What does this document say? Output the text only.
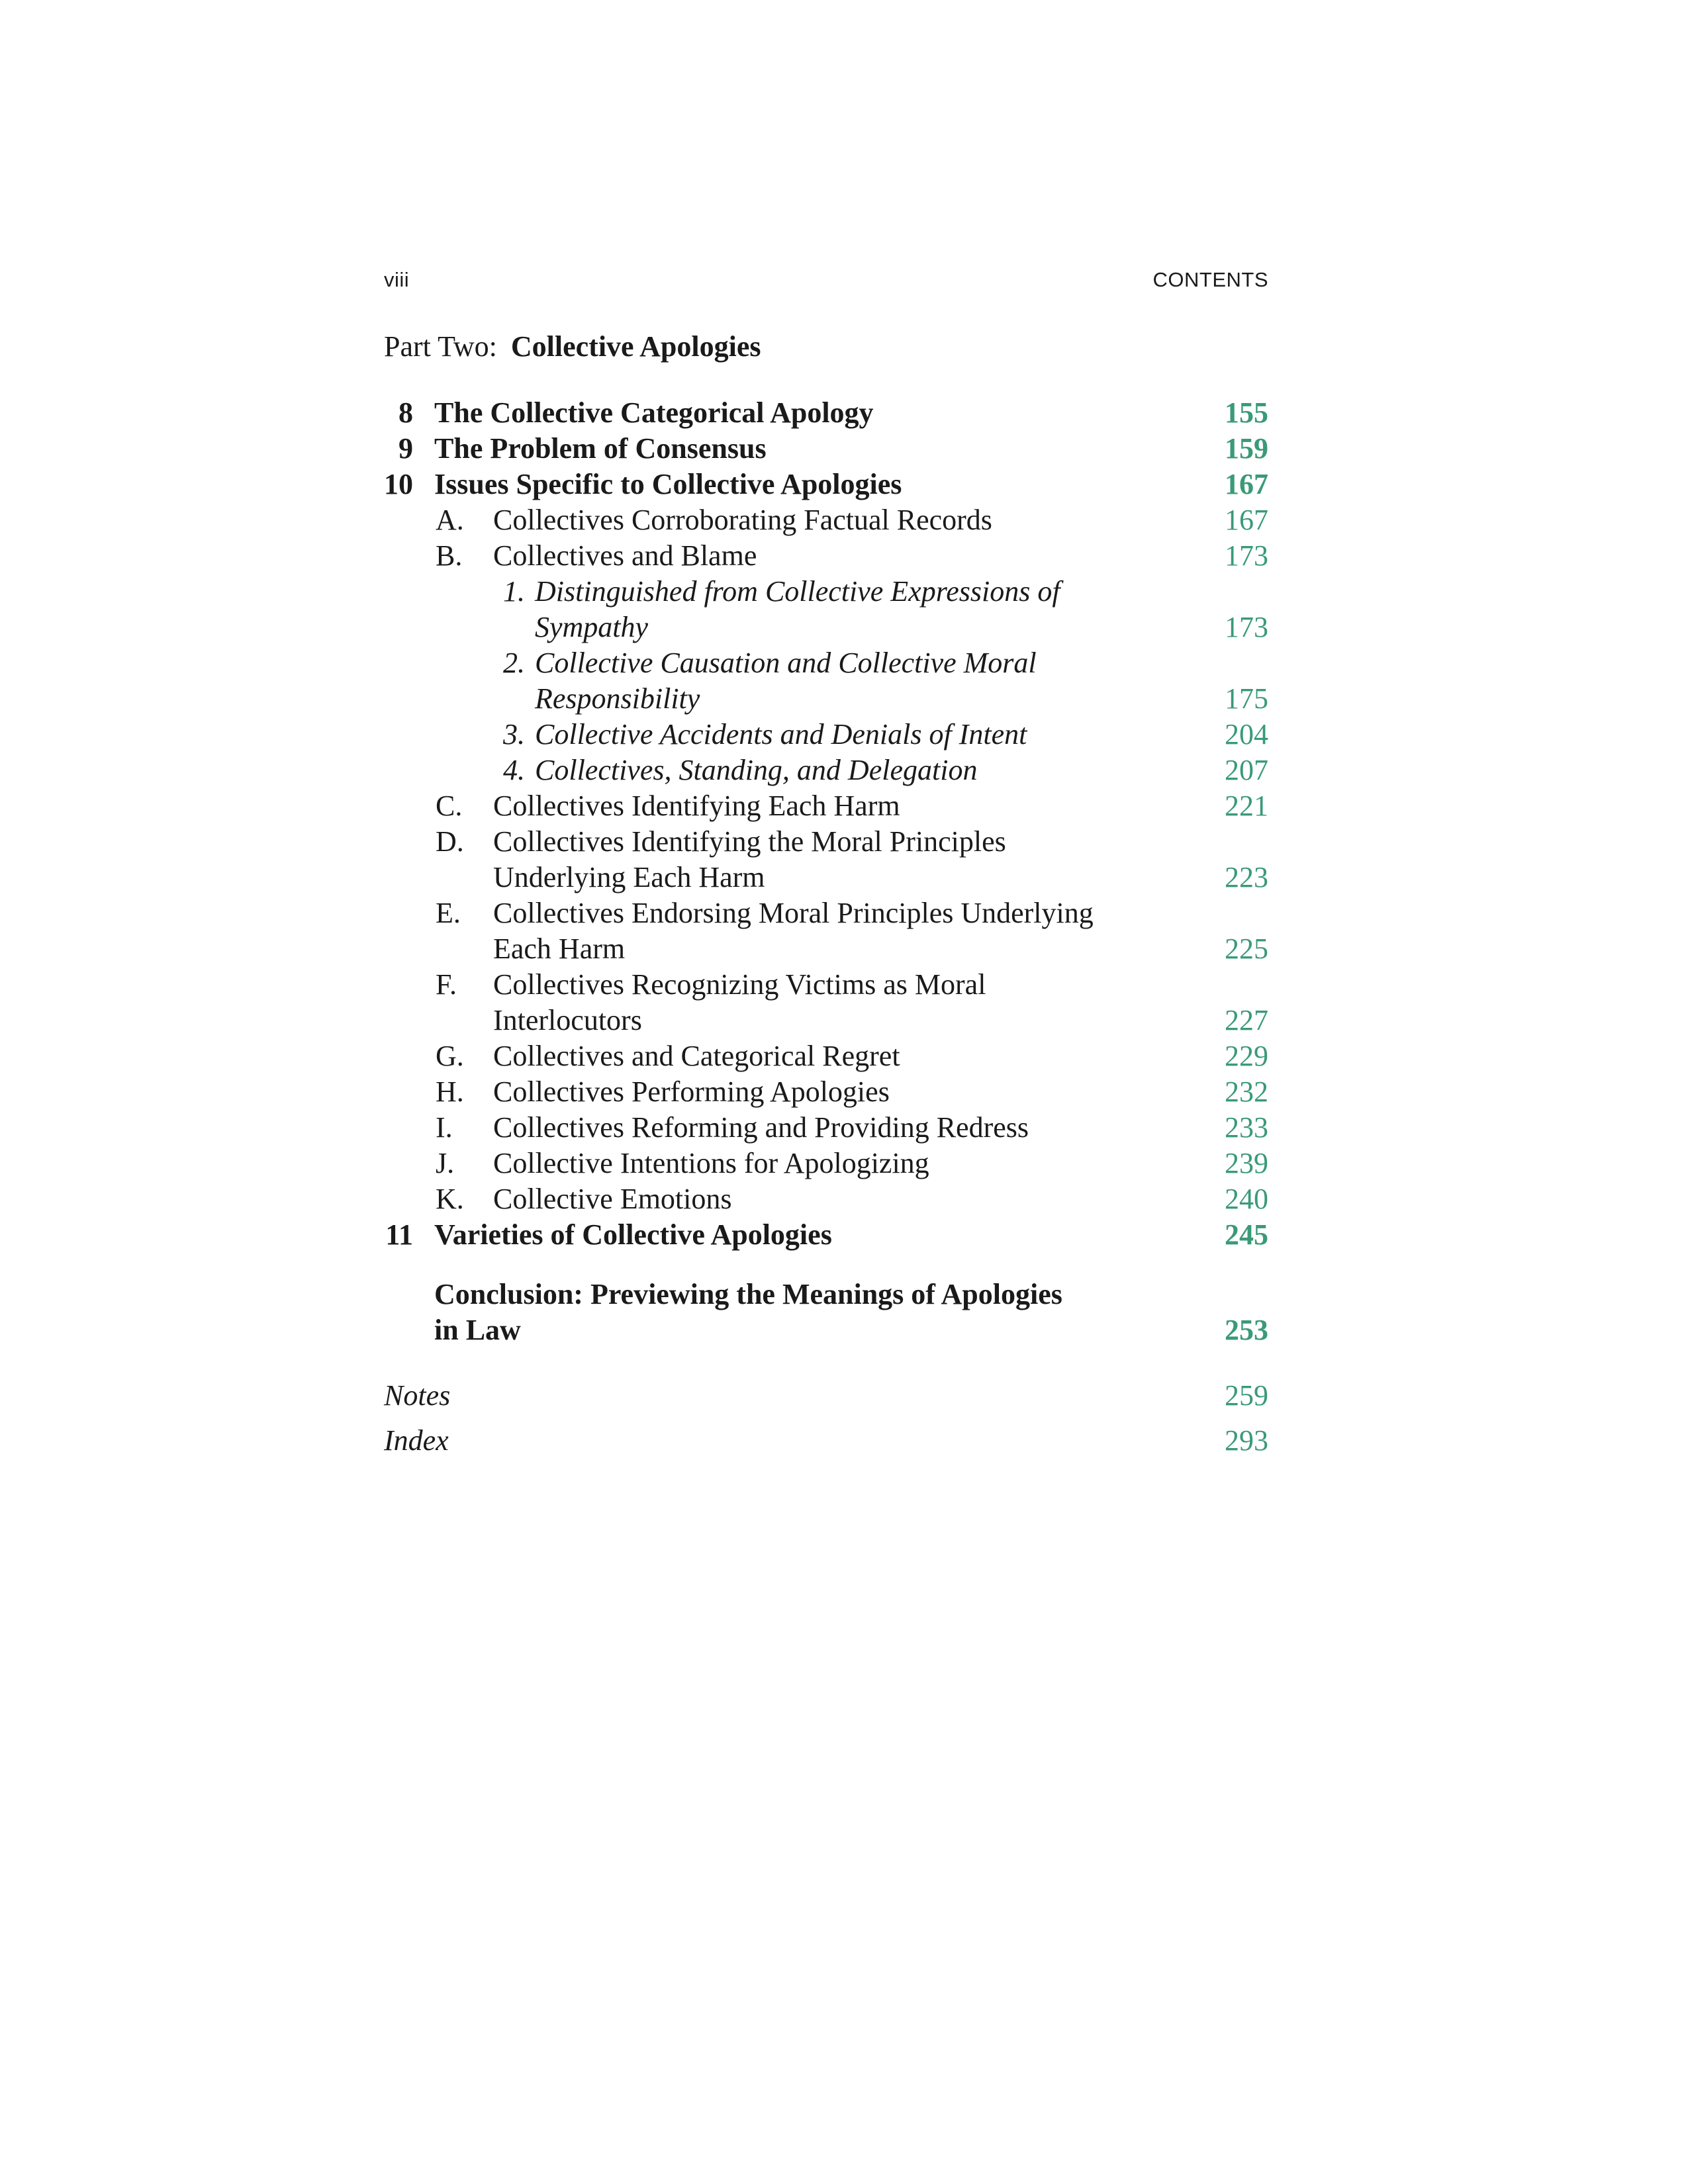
viii	CONTENTS
Part Two: Collective Apologies
8 The Collective Categorical Apology	155
9 The Problem of Consensus	159
10 Issues Specific to Collective Apologies	167
A.	Collectives Corroborating Factual Records	167
B.	Collectives and Blame	173
1. Distinguished from Collective Expressions of
Sympathy	173
2. Collective Causation and Collective Moral
Responsibility	175
3. Collective Accidents and Denials of Intent	204
4. Collectives, Standing, and Delegation	207
C.	Collectives Identifying Each Harm	221
D.	Collectives Identifying the Moral Principles
Underlying Each Harm	223
E.	Collectives Endorsing Moral Principles Underlying
Each Harm	225
F.	Collectives Recognizing Victims as Moral
Interlocutors	227
G.	Collectives and Categorical Regret	229
H.	Collectives Performing Apologies	232
I.	Collectives Reforming and Providing Redress	233
J.	Collective Intentions for Apologizing	239
K.	Collective Emotions	240
11 Varieties of Collective Apologies	245
Conclusion: Previewing the Meanings of Apologies
in Law	253
Notes	259
Index	293
